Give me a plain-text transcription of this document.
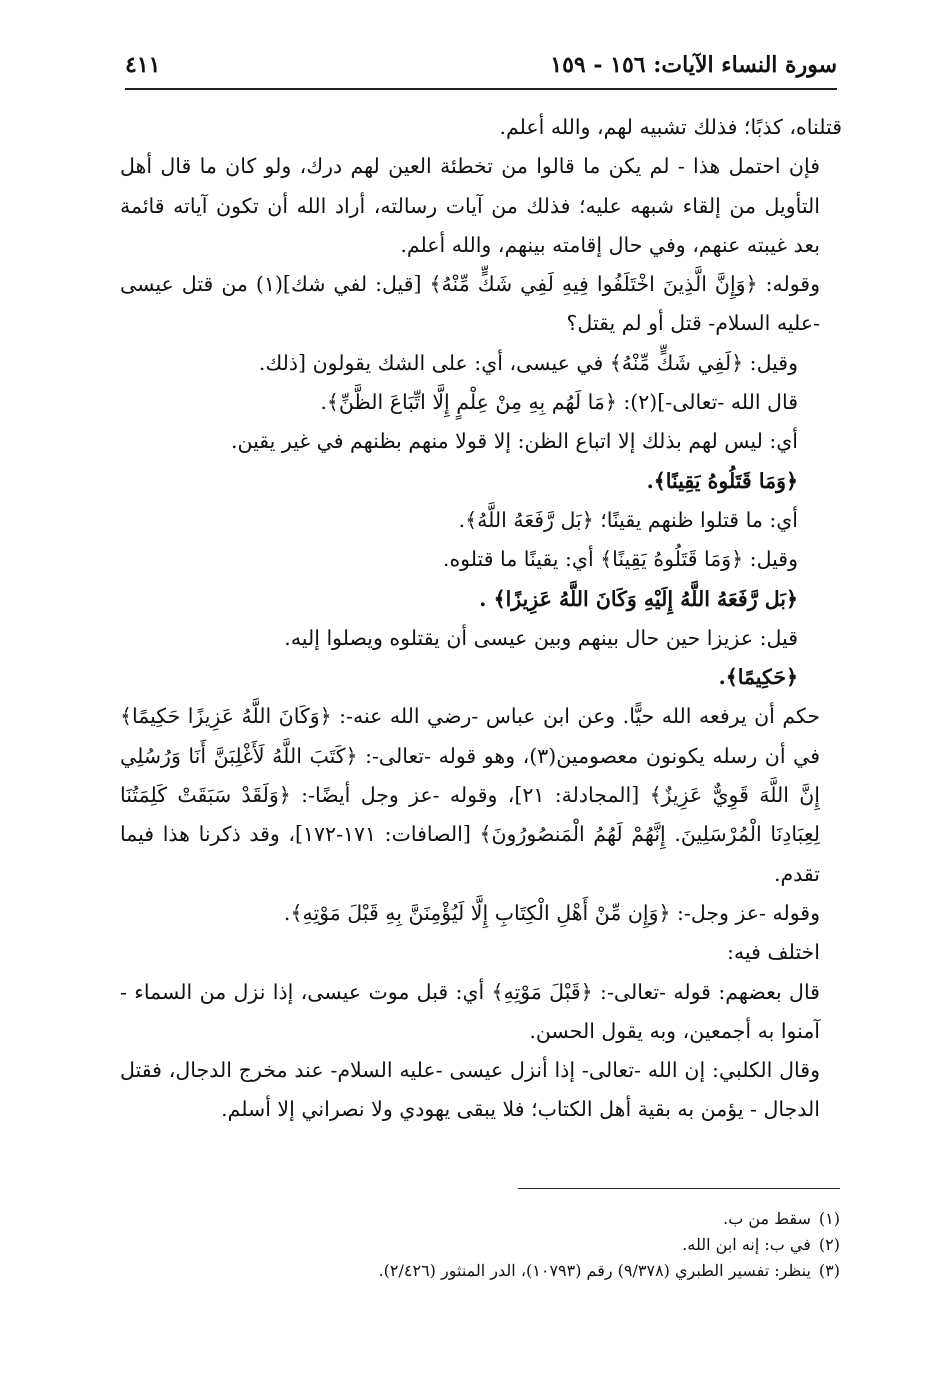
سورة النساء الآيات: ١٥٦ - ١٥٩
٤١١

قتلناه، كذبًا؛ فذلك تشبيه لهم، والله أعلم.

فإن احتمل هذا - لم يكن ما قالوا من تخطئة العين لهم درك، ولو كان ما قال أهل التأويل من إلقاء شبهه عليه؛ فذلك من آيات رسالته، أراد الله أن تكون آياته قائمة بعد غيبته عنهم، وفي حال إقامته بينهم، والله أعلم.

وقوله: ﴿وَإِنَّ الَّذِينَ اخْتَلَفُوا فِيهِ لَفِي شَكٍّ مِّنْهُ﴾ [قيل: لفي شك](١) من قتل عيسى -عليه السلام- قتل أو لم يقتل؟

وقيل: ﴿لَفِي شَكٍّ مِّنْهُ﴾ في عيسى، أي: على الشك يقولون [ذلك.

قال الله -تعالى-](٢): ﴿مَا لَهُم بِهِ مِنْ عِلْمٍ إِلَّا اتِّبَاعَ الظَّنِّ﴾.

أي: ليس لهم بذلك إلا اتباع الظن: إلا قولا منهم بظنهم في غير يقين.

﴿وَمَا قَتَلُوهُ يَقِينًا﴾.

أي: ما قتلوا ظنهم يقينًا؛ ﴿بَل رَّفَعَهُ اللَّهُ﴾.

وقيل: ﴿وَمَا قَتَلُوهُ يَقِينًا﴾ أي: يقينًا ما قتلوه.

﴿بَل رَّفَعَهُ اللَّهُ إِلَيْهِ وَكَانَ اللَّهُ عَزِيزًا﴾ .

قيل: عزيزا حين حال بينهم وبين عيسى أن يقتلوه ويصلوا إليه.

﴿حَكِيمًا﴾.

حكم أن يرفعه الله حيًّا. وعن ابن عباس -رضي الله عنه-: ﴿وَكَانَ اللَّهُ عَزِيزًا حَكِيمًا﴾ في أن رسله يكونون معصومين(٣)، وهو قوله -تعالى-: ﴿كَتَبَ اللَّهُ لَأَغْلِبَنَّ أَنَا وَرُسُلِي إِنَّ اللَّهَ قَوِيٌّ عَزِيزٌ﴾ [المجادلة: ٢١]، وقوله -عز وجل أيضًا-: ﴿وَلَقَدْ سَبَقَتْ كَلِمَتُنَا لِعِبَادِنَا الْمُرْسَلِينَ. إِنَّهُمْ لَهُمُ الْمَنصُورُونَ﴾ [الصافات: ١٧١-١٧٢]، وقد ذكرنا هذا فيما تقدم.

وقوله -عز وجل-: ﴿وَإِن مِّنْ أَهْلِ الْكِتَابِ إِلَّا لَيُؤْمِنَنَّ بِهِ قَبْلَ مَوْتِهِ﴾.

اختلف فيه:

قال بعضهم: قوله -تعالى-: ﴿قَبْلَ مَوْتِهِ﴾ أي: قبل موت عيسى، إذا نزل من السماء - آمنوا به أجمعين، وبه يقول الحسن.

وقال الكلبي: إن الله -تعالى- إذا أنزل عيسى -عليه السلام- عند مخرج الدجال، فقتل الدجال - يؤمن به بقية أهل الكتاب؛ فلا يبقى يهودي ولا نصراني إلا أسلم.

(١)سقط من ب.
(٢)في ب: إنه ابن الله.
(٣)ينظر: تفسير الطبري (٩/٣٧٨) رقم (١٠٧٩٣)، الدر المنثور (٢/٤٢٦).
